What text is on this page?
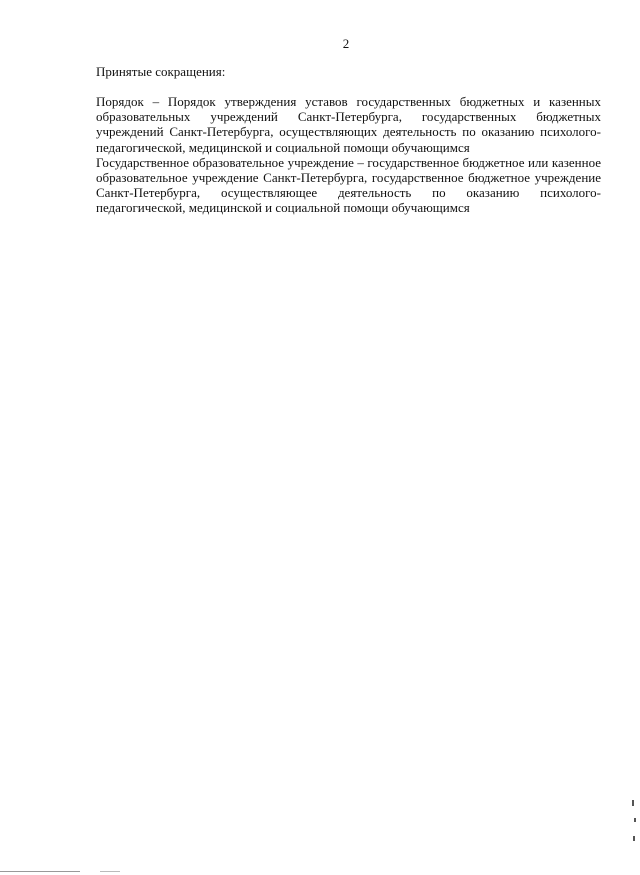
2
Принятые сокращения:

Порядок – Порядок утверждения уставов государственных бюджетных и казенных образовательных учреждений Санкт-Петербурга, государственных бюджетных учреждений Санкт-Петербурга, осуществляющих деятельность по оказанию психолого-педагогической, медицинской и социальной помощи обучающимся

Государственное образовательное учреждение – государственное бюджетное или казенное образовательное учреждение Санкт-Петербурга, государственное бюджетное учреждение Санкт-Петербурга, осуществляющее деятельность по оказанию психолого-педагогической, медицинской и социальной помощи обучающимся
